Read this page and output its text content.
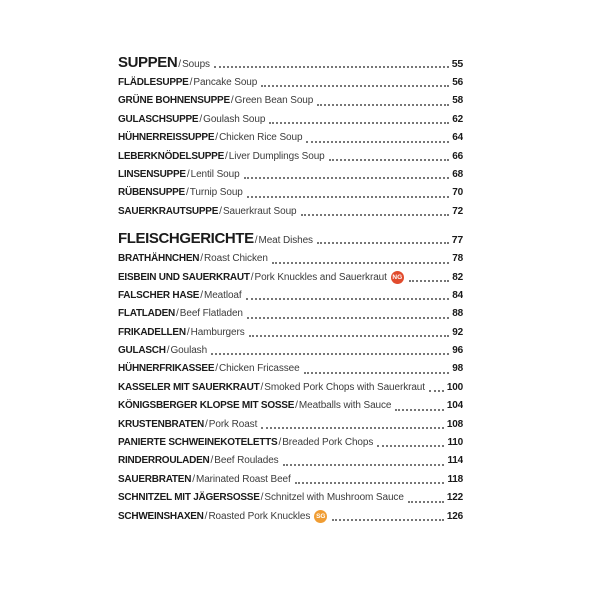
SUPPEN / Soups	55
FLÄDLESUPPE / Pancake Soup	56
GRÜNE BOHNENSUPPE / Green Bean Soup	58
GULASCHSUPPE / Goulash Soup	62
HÜHNERREISSUPPE / Chicken Rice Soup	64
LEBERKNÖDELSUPPE / Liver Dumplings Soup	66
LINSENSUPPE / Lentil Soup	68
RÜBENSUPPE / Turnip Soup	70
SAUERKRAUTSUPPE / Sauerkraut Soup	72
FLEISCHGERICHTE / Meat Dishes	77
BRATHÄHNCHEN / Roast Chicken	78
EISBEIN UND SAUERKRAUT / Pork Knuckles and Sauerkraut NG	82
FALSCHER HASE / Meatloaf	84
FLATLADEN / Beef Flatladen	88
FRIKADELLEN / Hamburgers	92
GULASCH / Goulash	96
HÜHNERFRIKASSEE / Chicken Fricassee	98
KASSELER MIT SAUERKRAUT / Smoked Pork Chops with Sauerkraut 100
KÖNIGSBERGER KLOPSE MIT SOSSE / Meatballs with Sauce	104
KRUSTENBRATEN / Pork Roast	108
PANIERTE SCHWEINEKOTELETTS / Breaded Pork Chops	110
RINDERROULADEN / Beef Roulades	114
SAUERBRATEN / Marinated Roast Beef	118
SCHNITZEL MIT JÄGERSOSSE / Schnitzel with Mushroom Sauce	122
SCHWEINSHAXEN / Roasted Pork Knuckles SG	126
